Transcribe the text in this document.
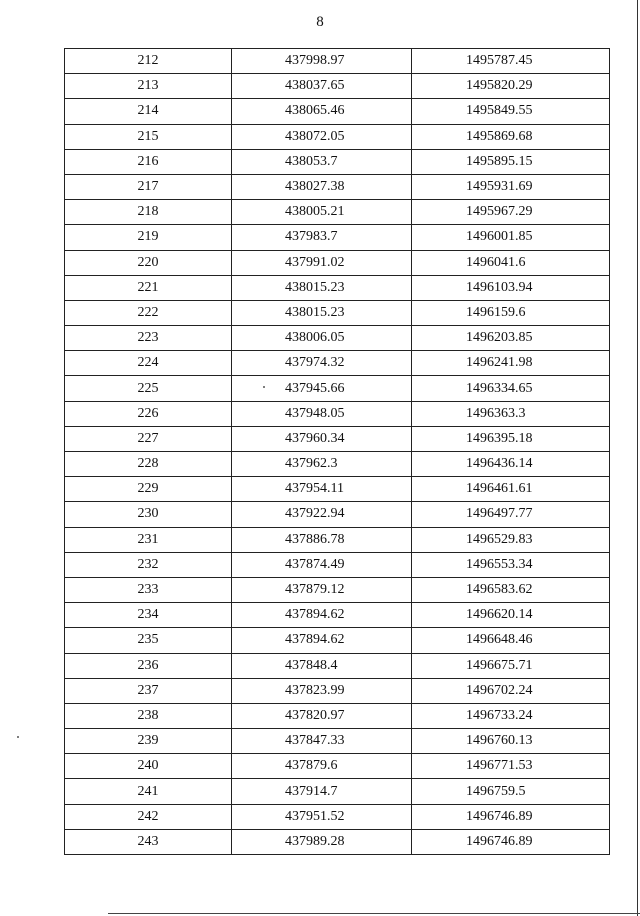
8
212	437998.97	1495787.45
213	438037.65	1495820.29
214	438065.46	1495849.55
215	438072.05	1495869.68
216	438053.7	1495895.15
217	438027.38	1495931.69
218	438005.21	1495967.29
219	437983.7	1496001.85
220	437991.02	1496041.6
221	438015.23	1496103.94
222	438015.23	1496159.6
223	438006.05	1496203.85
224	437974.32	1496241.98
225	437945.66	1496334.65
226	437948.05	1496363.3
227	437960.34	1496395.18
228	437962.3	1496436.14
229	437954.11	1496461.61
230	437922.94	1496497.77
231	437886.78	1496529.83
232	437874.49	1496553.34
233	437879.12	1496583.62
234	437894.62	1496620.14
235	437894.62	1496648.46
236	437848.4	1496675.71
237	437823.99	1496702.24
238	437820.97	1496733.24
239	437847.33	1496760.13
240	437879.6	1496771.53
241	437914.7	1496759.5
242	437951.52	1496746.89
243	437989.28	1496746.89
